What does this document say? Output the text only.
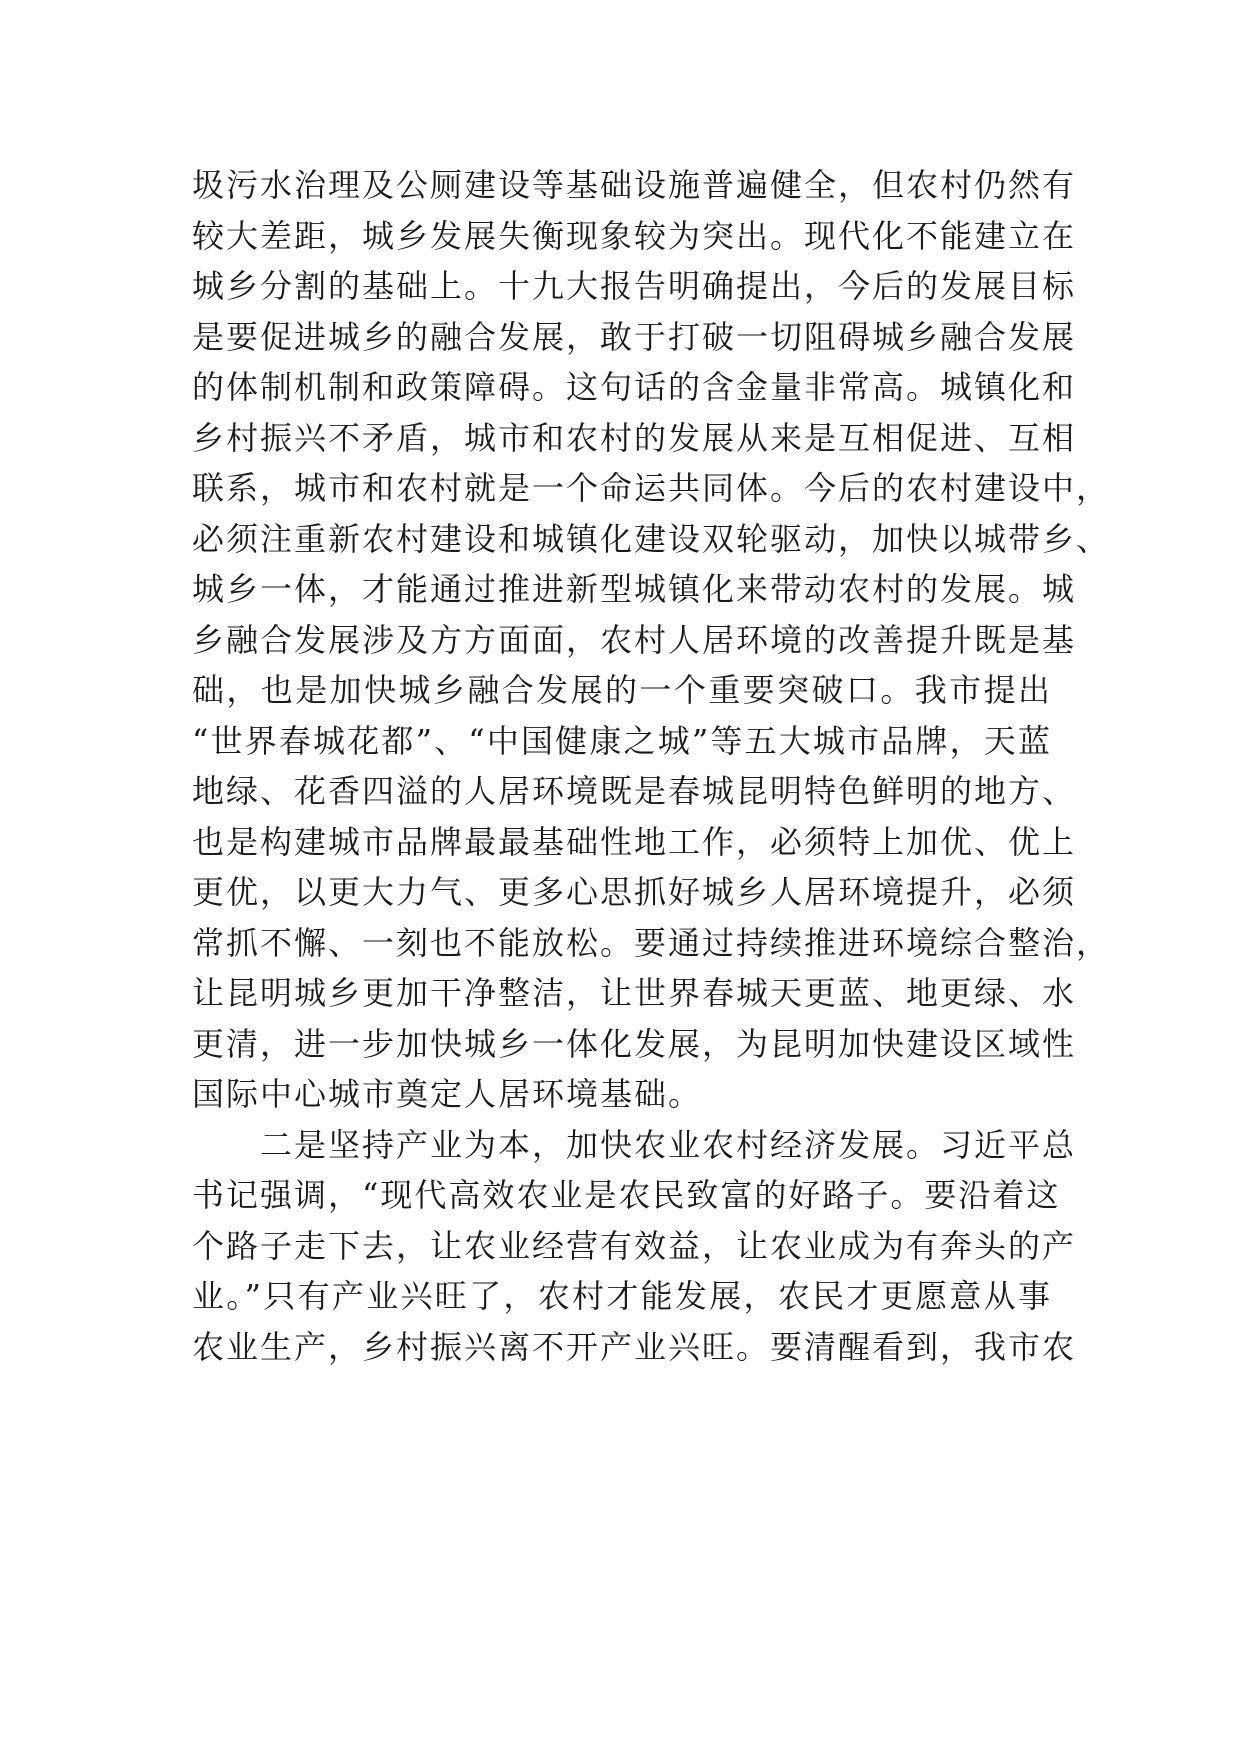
圾污水治理及公厕建设等基础设施普遍健全，但农村仍然有
较大差距，城乡发展失衡现象较为突出。现代化不能建立在
城乡分割的基础上。十九大报告明确提出，今后的发展目标
是要促进城乡的融合发展，敢于打破一切阻碍城乡融合发展
的体制机制和政策障碍。这句话的含金量非常高。城镇化和
乡村振兴不矛盾，城市和农村的发展从来是互相促进、互相
联系，城市和农村就是一个命运共同体。今后的农村建设中，
必须注重新农村建设和城镇化建设双轮驱动，加快以城带乡、
城乡一体，才能通过推进新型城镇化来带动农村的发展。城
乡融合发展涉及方方面面，农村人居环境的改善提升既是基
础，也是加快城乡融合发展的一个重要突破口。我市提出
“世界春城花都”、“中国健康之城”等五大城市品牌，天蓝
地绿、花香四溢的人居环境既是春城昆明特色鲜明的地方、
也是构建城市品牌最最基础性地工作，必须特上加优、优上
更优，以更大力气、更多心思抓好城乡人居环境提升，必须
常抓不懈、一刻也不能放松。要通过持续推进环境综合整治，
让昆明城乡更加干净整洁，让世界春城天更蓝、地更绿、水
更清，进一步加快城乡一体化发展，为昆明加快建设区域性
国际中心城市奠定人居环境基础。
二是坚持产业为本，加快农业农村经济发展。习近平总
书记强调，“现代高效农业是农民致富的好路子。要沿着这
个路子走下去，让农业经营有效益，让农业成为有奔头的产
业。”只有产业兴旺了，农村才能发展，农民才更愿意从事
农业生产，乡村振兴离不开产业兴旺。要清醒看到，我市农
